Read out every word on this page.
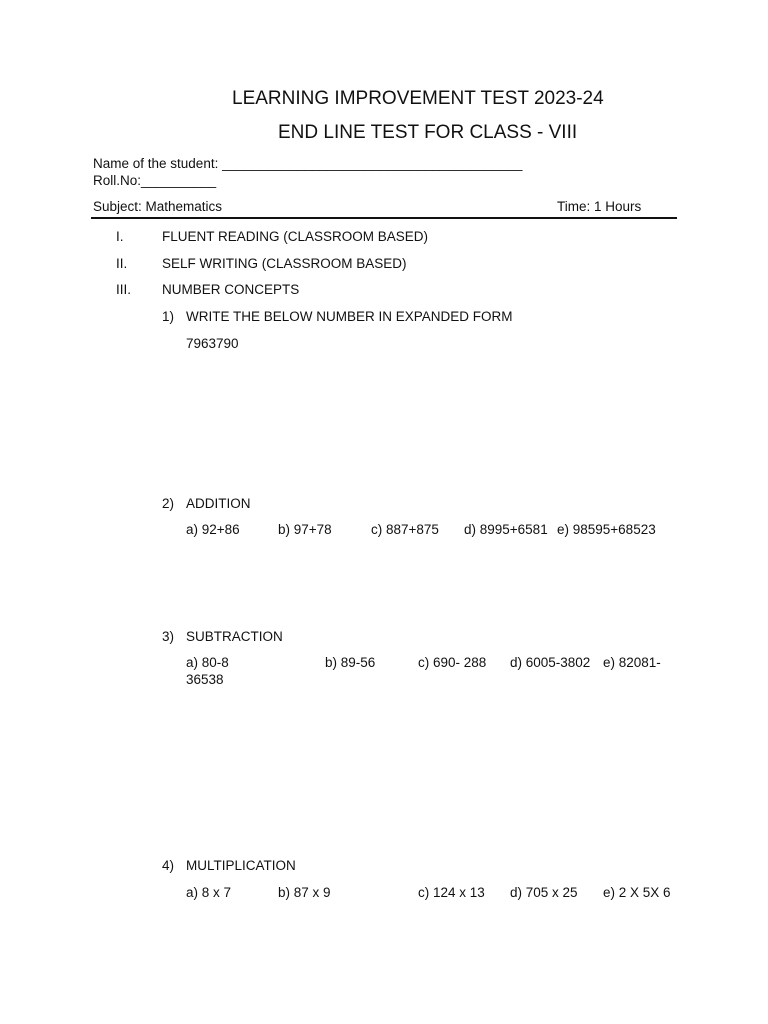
LEARNING IMPROVEMENT TEST 2023-24
END LINE TEST FOR CLASS - VIII
Name of the student: ________________________________________
Roll.No:__________
Subject: Mathematics	Time: 1 Hours
I.	FLUENT READING (CLASSROOM BASED)
II.	SELF WRITING (CLASSROOM BASED)
III. NUMBER CONCEPTS
1) WRITE THE BELOW NUMBER IN EXPANDED FORM
7963790
2) ADDITION
a) 92+86	b) 97+78	c) 887+875 d) 8995+6581 e) 98595+68523
3) SUBTRACTION
a) 80-8	b) 89-56	c) 690- 288 d) 6005-3802 e) 82081-
36538
4) MULTIPLICATION
a) 8 x 7	b) 87 x 9	c) 124 x 13 d) 705 x 25 e) 2 X 5X 6
